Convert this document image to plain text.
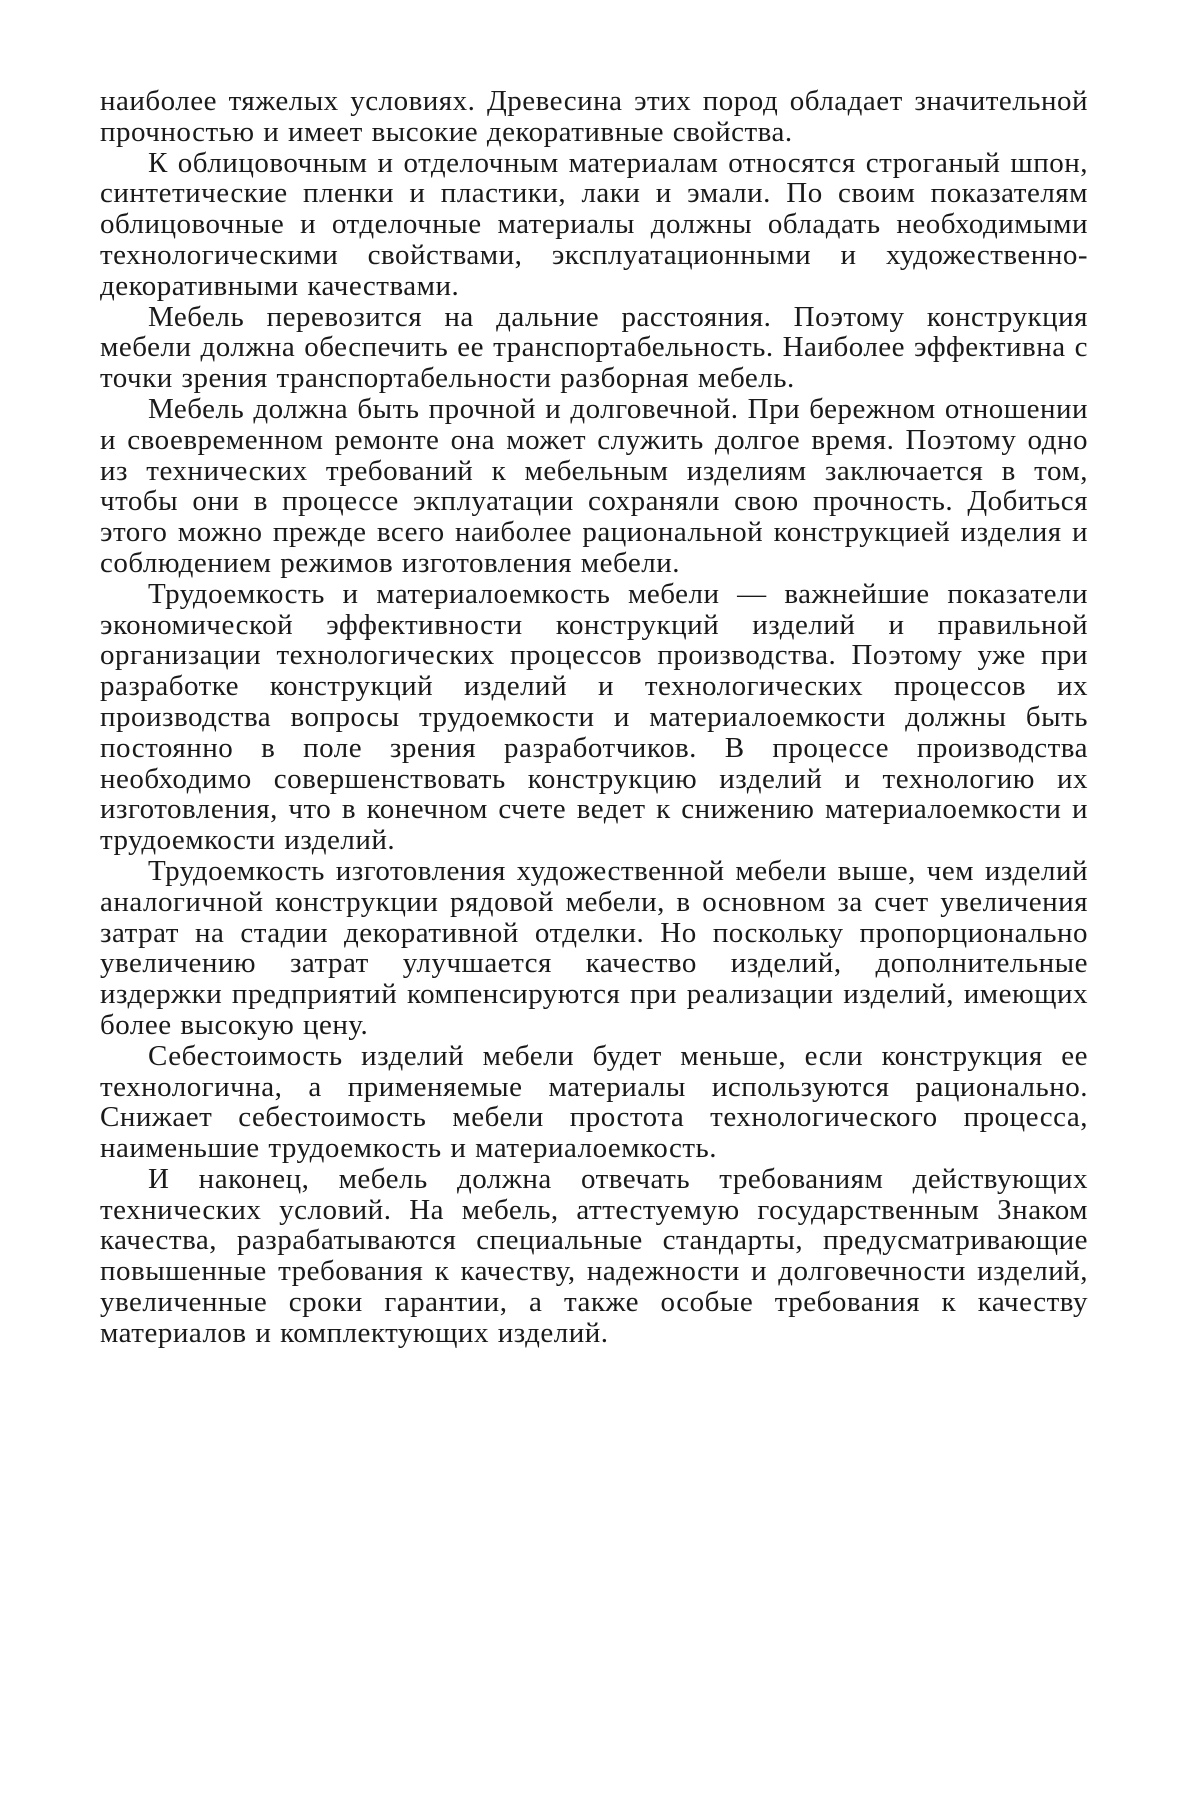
наиболее тяжелых условиях. Древесина этих пород обладает значительной прочностью и имеет высокие декоративные свойства.

К облицовочным и отделочным материалам относятся строганый шпон, синтетические пленки и пластики, лаки и эмали. По своим показателям облицовочные и отделочные материалы должны обладать необходимыми технологическими свойствами, эксплуатационными и художественно-декоративными качествами.

Мебель перевозится на дальние расстояния. Поэтому конструкция мебели должна обеспечить ее транспортабельность. Наиболее эффективна с точки зрения транспортабельности разборная мебель.

Мебель должна быть прочной и долговечной. При бережном отношении и своевременном ремонте она может служить долгое время. Поэтому одно из технических требований к мебельным изделиям заключается в том, чтобы они в процессе экплуатации сохраняли свою прочность. Добиться этого можно прежде всего наиболее рациональной конструкцией изделия и соблюдением режимов изготовления мебели.

Трудоемкость и материалоемкость мебели — важнейшие показатели экономической эффективности конструкций изделий и правильной организации технологических процессов производства. Поэтому уже при разработке конструкций изделий и технологических процессов их производства вопросы трудоемкости и материалоемкости должны быть постоянно в поле зрения разработчиков. В процессе производства необходимо совершенствовать конструкцию изделий и технологию их изготовления, что в конечном счете ведет к снижению материалоемкости и трудоемкости изделий.

Трудоемкость изготовления художественной мебели выше, чем изделий аналогичной конструкции рядовой мебели, в основном за счет увеличения затрат на стадии декоративной отделки. Но поскольку пропорционально увеличению затрат улучшается качество изделий, дополнительные издержки предприятий компенсируются при реализации изделий, имеющих более высокую цену.

Себестоимость изделий мебели будет меньше, если конструкция ее технологична, а применяемые материалы используются рационально. Снижает себестоимость мебели простота технологического процесса, наименьшие трудоемкость и материалоемкость.

И наконец, мебель должна отвечать требованиям действующих технических условий. На мебель, аттестуемую государственным Знаком качества, разрабатываются специальные стандарты, предусматривающие повышенные требования к качеству, надежности и долговечности изделий, увеличенные сроки гарантии, а также особые требования к качеству материалов и комплектующих изделий.
